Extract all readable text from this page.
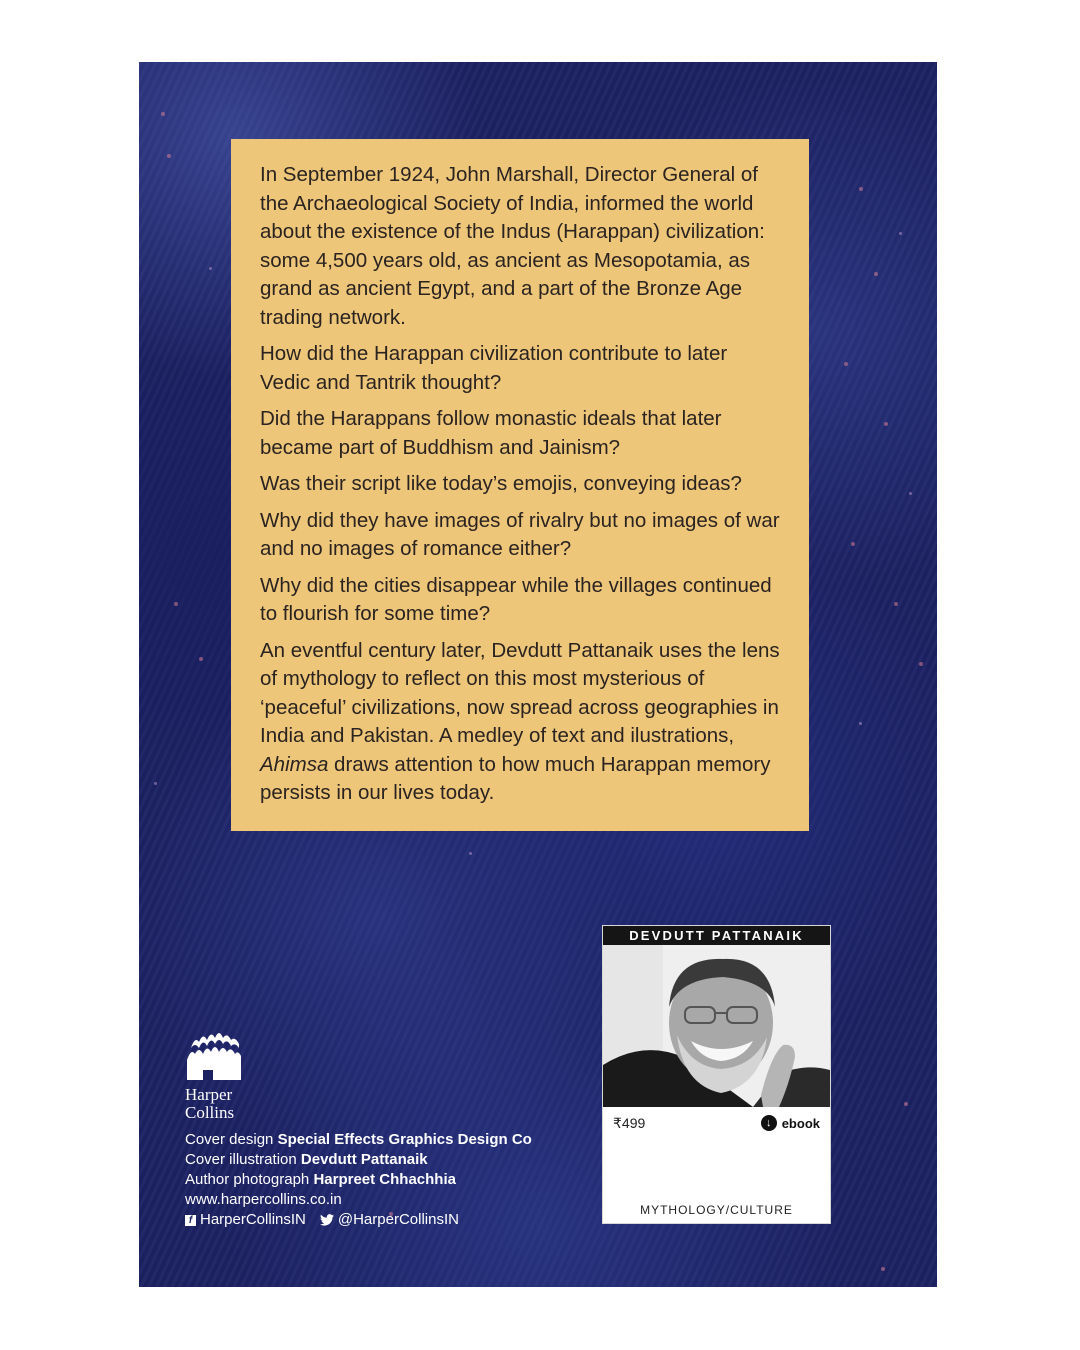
In September 1924, John Marshall, Director General of the Archaeological Society of India, informed the world about the existence of the Indus (Harappan) civilization: some 4,500 years old, as ancient as Mesopotamia, as grand as ancient Egypt, and a part of the Bronze Age trading network.

How did the Harappan civilization contribute to later Vedic and Tantrik thought?

Did the Harappans follow monastic ideals that later became part of Buddhism and Jainism?

Was their script like today’s emojis, conveying ideas?

Why did they have images of rivalry but no images of war and no images of romance either?

Why did the cities disappear while the villages continued to flourish for some time?

An eventful century later, Devdutt Pattanaik uses the lens of mythology to reflect on this most mysterious of ‘peaceful’ civilizations, now spread across geographies in India and Pakistan. A medley of text and ilustrations, Ahimsa draws attention to how much Harappan memory persists in our lives today.

Harper
Collins
Cover design Special Effects Graphics Design Co
Cover illustration Devdutt Pattanaik
Author photograph Harpreet Chhachhia
www.harpercollins.co.in
f HarperCollinsIN @HarperCollinsIN
DEVDUTT PATTANAIK
₹499	↓ ebook
MYTHOLOGY/CULTURE
